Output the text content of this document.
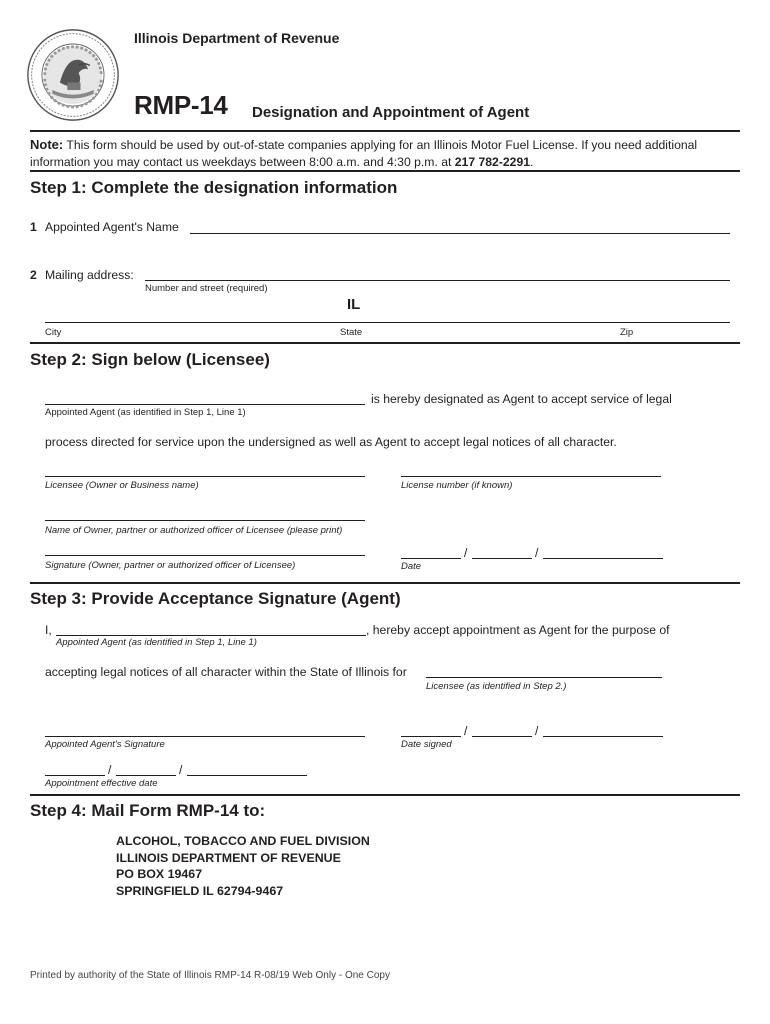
Illinois Department of Revenue
RMP-14 Designation and Appointment of Agent
Note: This form should be used by out-of-state companies applying for an Illinois Motor Fuel License. If you need additional information you may contact us weekdays between 8:00 a.m. and 4:30 p.m. at 217 782-2291.
Step 1: Complete the designation information
1 Appointed Agent's Name
2 Mailing address:
Number and street (required)
IL
City	State	Zip
Step 2: Sign below (Licensee)
is hereby designated as Agent to accept service of legal
Appointed Agent (as identified in Step 1, Line 1)
process directed for service upon the undersigned as well as Agent to accept legal notices of all character.
Licensee (Owner or Business name)	License number (if known)
Name of Owner, partner or authorized officer of Licensee (please print)
Signature (Owner, partner or authorized officer of Licensee)
/	/
Date
Step 3: Provide Acceptance Signature (Agent)
I,	, hereby accept appointment as Agent for the purpose of
Appointed Agent (as identified in Step 1, Line 1)
accepting legal notices of all character within the State of Illinois for
Licensee (as identified in Step 2.)
Appointed Agent's Signature
/	/
Date signed
/	/
Appointment effective date
Step 4: Mail Form RMP-14 to:
ALCOHOL, TOBACCO AND FUEL DIVISION
ILLINOIS DEPARTMENT OF REVENUE
PO BOX 19467
SPRINGFIELD IL 62794-9467
Printed by authority of the State of Illinois RMP-14 R-08/19 Web Only - One Copy
